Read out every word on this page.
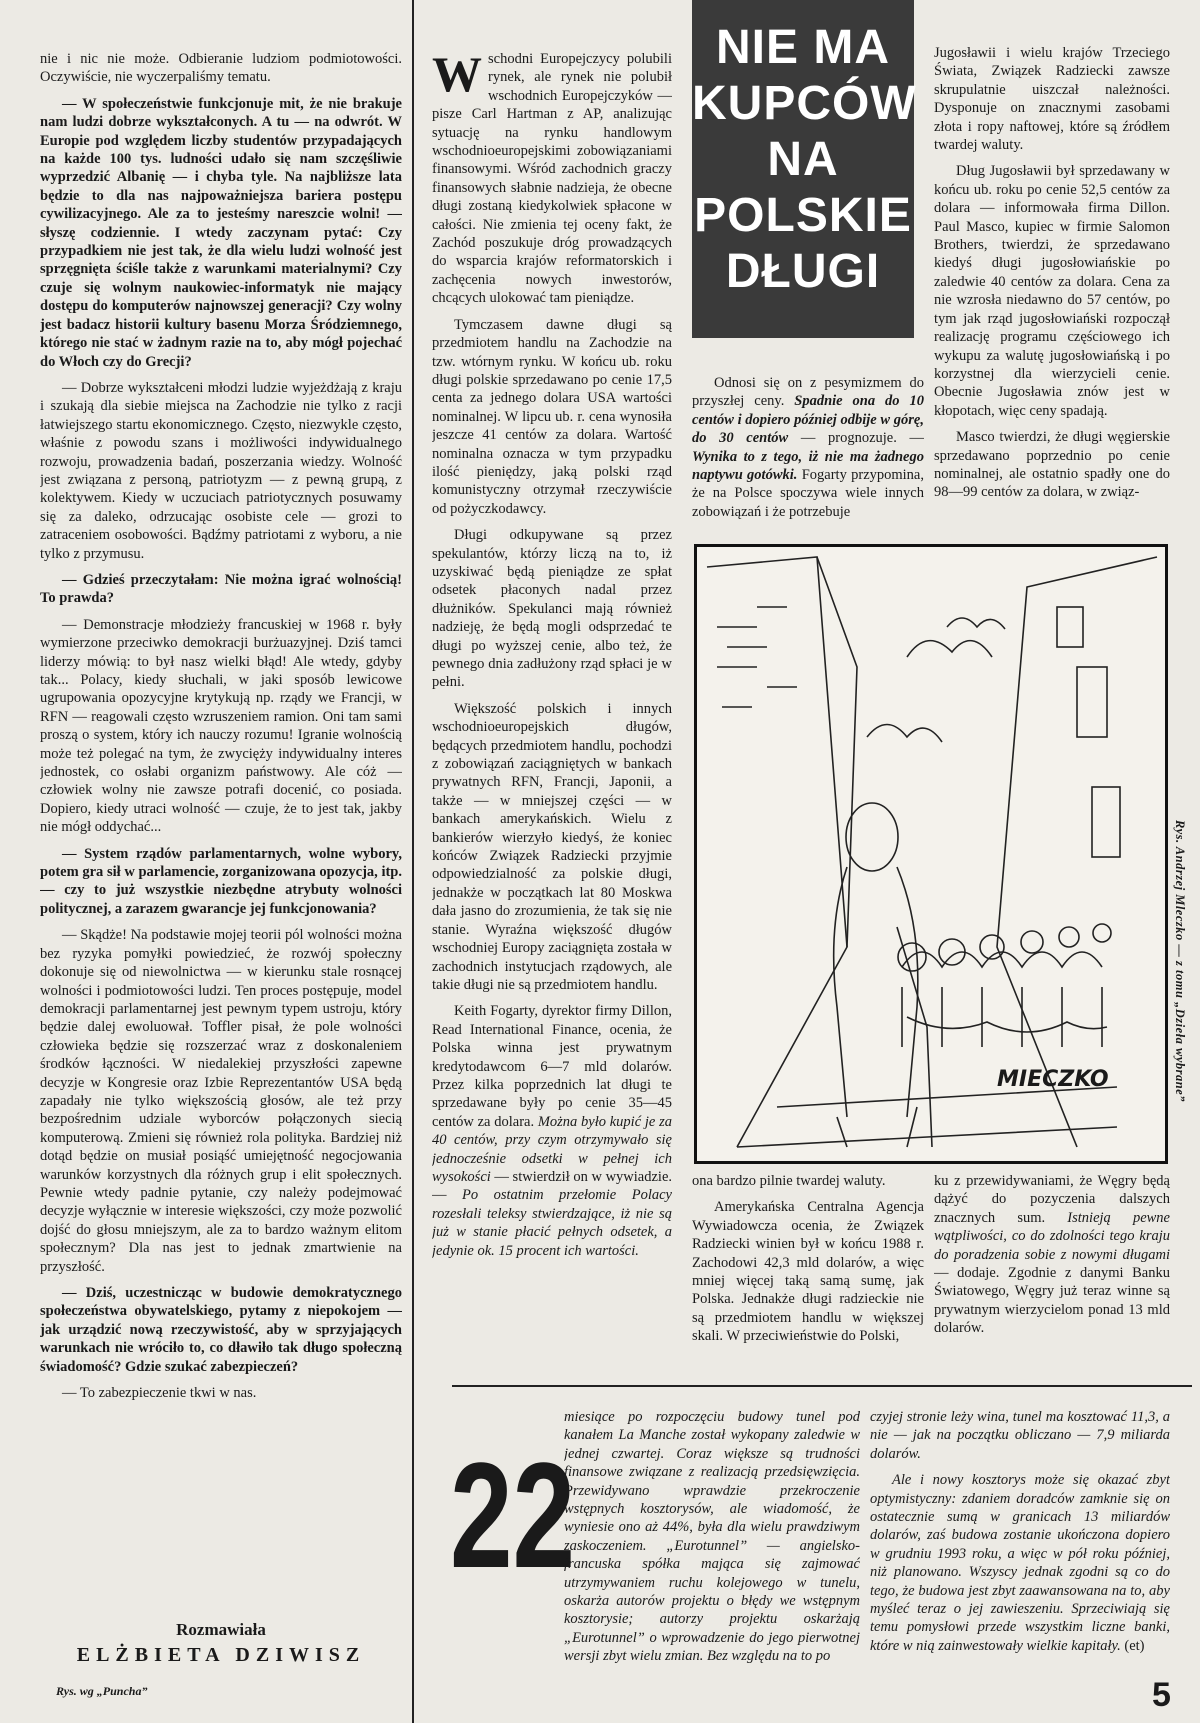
nie i nic nie może. Odbieranie ludziom podmiotowości. Oczywiście, nie wyczerpaliśmy tematu.

— W społeczeństwie funkcjonuje mit, że nie brakuje nam ludzi dobrze wykształconych. A tu — na odwrót. W Europie pod względem liczby studentów przypadających na każde 100 tys. ludności udało się nam szczęśliwie wyprzedzić Albanię — i chyba tyle. Na najbliższe lata będzie to dla nas najpoważniejsza bariera postępu cywilizacyjnego. Ale za to jesteśmy nareszcie wolni! — słyszę codziennie. I wtedy zaczynam pytać: Czy przypadkiem nie jest tak, że dla wielu ludzi wolność jest sprzęgnięta ściśle także z warunkami materialnymi? Czy czuje się wolnym naukowiec-informatyk nie mający dostępu do komputerów najnowszej generacji? Czy wolny jest badacz historii kultury basenu Morza Śródziemnego, którego nie stać w żadnym razie na to, aby mógł pojechać do Włoch czy do Grecji?

— Dobrze wykształceni młodzi ludzie wyjeżdżają z kraju i szukają dla siebie miejsca na Zachodzie nie tylko z racji łatwiejszego startu ekonomicznego. Często, niezwykle często, właśnie z powodu szans i możliwości indywidualnego rozwoju, prowadzenia badań, poszerzania wiedzy. Wolność jest związana z personą, patriotyzm — z pewną grupą, z kolektywem. Kiedy w uczuciach patriotycznych posuwamy się za daleko, odrzucając osobiste cele — grozi to zatraceniem osobowości. Bądźmy patriotami z wyboru, a nie tylko z przymusu.

— Gdzieś przeczytałam: Nie można igrać wolnością! To prawda?

— Demonstracje młodzieży francuskiej w 1968 r. były wymierzone przeciwko demokracji burżuazyjnej. Dziś tamci liderzy mówią: to był nasz wielki błąd! Ale wtedy, gdyby tak... Polacy, kiedy słuchali, w jaki sposób lewicowe ugrupowania opozycyjne krytykują np. rządy we Francji, w RFN — reagowali często wzruszeniem ramion. Oni tam sami proszą o system, który ich nauczy rozumu! Igranie wolnością może też polegać na tym, że zwycięży indywidualny interes jednostek, co osłabi organizm państwowy. Ale cóż — człowiek wolny nie zawsze potrafi docenić, co posiada. Dopiero, kiedy utraci wolność — czuje, że to jest tak, jakby nie mógł oddychać...

— System rządów parlamentarnych, wolne wybory, potem gra sił w parlamencie, zorganizowana opozycja, itp. — czy to już wszystkie niezbędne atrybuty wolności politycznej, a zarazem gwarancje jej funkcjonowania?

— Skądże! Na podstawie mojej teorii pól wolności można bez ryzyka pomyłki powiedzieć, że rozwój społeczny dokonuje się od niewolnictwa — w kierunku stale rosnącej wolności i podmiotowości ludzi. Ten proces postępuje, model demokracji parlamentarnej jest pewnym typem ustroju, który będzie dalej ewoluował. Toffler pisał, że pole wolności człowieka będzie się rozszerzać wraz z doskonaleniem środków łączności. W niedalekiej przyszłości zapewne decyzje w Kongresie oraz Izbie Reprezentantów USA będą zapadały nie tylko większością głosów, ale też przy bezpośrednim udziale wyborców połączonych siecią komputerową. Zmieni się również rola polityka. Bardziej niż dotąd będzie on musiał posiąść umiejętność negocjowania warunków korzystnych dla różnych grup i elit społecznych. Pewnie wtedy padnie pytanie, czy należy podejmować decyzje wyłącznie w interesie większości, czy może pozwolić dojść do głosu mniejszym, ale za to bardzo ważnym elitom społecznym? Dla nas jest to jednak zmartwienie na przyszłość.

— Dziś, uczestnicząc w budowie demokratycznego społeczeństwa obywatelskiego, pytamy z niepokojem — jak urządzić nową rzeczywistość, aby w sprzyjających warunkach nie wróciło to, co dławiło tak długo społeczną świadomość? Gdzie szukać zabezpieczeń?

— To zabezpieczenie tkwi w nas.

Rozmawiała
ELŻBIETA DZIWISZ
Rys. wg „Puncha”

Wschodni Europejczycy polubili rynek, ale rynek nie polubił wschodnich Europejczyków — pisze Carl Hartman z AP, analizując sytuację na rynku handlowym wschodnioeuropejskimi zobowiązaniami finansowymi. Wśród zachodnich graczy finansowych słabnie nadzieja, że obecne długi zostaną kiedykolwiek spłacone w całości. Nie zmienia tej oceny fakt, że Zachód poszukuje dróg prowadzących do wsparcia krajów reformatorskich i zachęcenia nowych inwestorów, chcących ulokować tam pieniądze.

Tymczasem dawne długi są przedmiotem handlu na Zachodzie na tzw. wtórnym rynku. W końcu ub. roku długi polskie sprzedawano po cenie 17,5 centa za jednego dolara USA wartości nominalnej. W lipcu ub. r. cena wynosiła jeszcze 41 centów za dolara. Wartość nominalna oznacza w tym przypadku ilość pieniędzy, jaką polski rząd komunistyczny otrzymał rzeczywiście od pożyczkodawcy.

Długi odkupywane są przez spekulantów, którzy liczą na to, iż uzyskiwać będą pieniądze ze spłat odsetek płaconych nadal przez dłużników. Spekulanci mają również nadzieję, że będą mogli odsprzedać te długi po wyższej cenie, albo też, że pewnego dnia zadłużony rząd spłaci je w pełni.

Większość polskich i innych wschodnioeuropejskich długów, będących przedmiotem handlu, pochodzi z zobowiązań zaciągniętych w bankach prywatnych RFN, Francji, Japonii, a także — w mniejszej części — w bankach amerykańskich. Wielu z bankierów wierzyło kiedyś, że koniec końców Związek Radziecki przyjmie odpowiedzialność za polskie długi, jednakże w początkach lat 80 Moskwa dała jasno do zrozumienia, że tak się nie stanie. Wyraźna większość długów wschodniej Europy zaciągnięta została w zachodnich instytucjach rządowych, ale takie długi nie są przedmiotem handlu.

Keith Fogarty, dyrektor firmy Dillon, Read International Finance, ocenia, że Polska winna jest prywatnym kredytodawcom 6—7 mld dolarów. Przez kilka poprzednich lat długi te sprzedawane były po cenie 35—45 centów za dolara. Można było kupić je za 40 centów, przy czym otrzymywało się jednocześnie odsetki w pełnej ich wysokości — stwierdził on w wywiadzie. — Po ostatnim przełomie Polacy rozesłali teleksy stwierdzające, iż nie są już w stanie płacić pełnych odsetek, a jedynie ok. 15 procent ich wartości.

NIE MA
KUPCÓW
NA
POLSKIE
DŁUGI

Odnosi się on z pesymizmem do przyszłej ceny. Spadnie ona do 10 centów i dopiero później odbije w górę, do 30 centów — prognozuje. — Wynika to z tego, iż nie ma żadnego naptywu gotówki. Fogarty przypomina, że na Polsce spoczywa wiele innych zobowiązań i że potrzebuje

Jugosławii i wielu krajów Trzeciego Świata, Związek Radziecki zawsze skrupulatnie uiszczał należności. Dysponuje on znacznymi zasobami złota i ropy naftowej, które są źródłem twardej waluty.

Dług Jugosławii był sprzedawany w końcu ub. roku po cenie 52,5 centów za dolara — informowała firma Dillon. Paul Masco, kupiec w firmie Salomon Brothers, twierdzi, że sprzedawano kiedyś długi jugosłowiańskie po zaledwie 40 centów za dolara. Cena za nie wzrosła niedawno do 57 centów, po tym jak rząd jugosłowiański rozpoczął realizację programu częściowego ich wykupu za walutę jugosłowiańską i po korzystnej dla wierzycieli cenie. Obecnie Jugosławia znów jest w kłopotach, więc ceny spadają.

Masco twierdzi, że długi węgierskie sprzedawano poprzednio po cenie nominalnej, ale ostatnio spadły one do 98—99 centów za dolara, w związ-

MIECZKO	Rys. Andrzej Mleczko — z tomu „Dzieła wybrane”

ona bardzo pilnie twardej waluty.

Amerykańska Centralna Agencja Wywiadowcza ocenia, że Związek Radziecki winien był w końcu 1988 r. Zachodowi 42,3 mld dolarów, a więc mniej więcej taką samą sumę, jak Polska. Jednakże długi radzieckie nie są przedmiotem handlu w większej skali. W przeciwieństwie do Polski,

ku z przewidywaniami, że Węgry będą dążyć do pozyczenia dalszych znacznych sum. Istnieją pewne wątpliwości, co do zdolności tego kraju do poradzenia sobie z nowymi długami — dodaje. Zgodnie z danymi Banku Światowego, Węgry już teraz winne są prywatnym wierzycielom ponad 13 mld dolarów.

22

miesiące po rozpoczęciu budowy tunel pod kanałem La Manche został wykopany zaledwie w jednej czwartej. Coraz większe są trudności finansowe związane z realizacją przedsięwzięcia. Przewidywano wprawdzie przekroczenie wstępnych kosztorysów, ale wiadomość, że wyniesie ono aż 44%, była dla wielu prawdziwym zaskoczeniem. „Eurotunnel” — angielsko-francuska spółka mająca się zajmować utrzymywaniem ruchu kolejowego w tunelu, oskarża autorów projektu o błędy we wstępnym kosztorysie; autorzy projektu oskarżają „Eurotunnel” o wprowadzenie do jego pierwotnej wersji zbyt wielu zmian. Bez względu na to po

czyjej stronie leży wina, tunel ma kosztować 11,3, a nie — jak na początku obliczano — 7,9 miliarda dolarów.

Ale i nowy kosztorys może się okazać zbyt optymistyczny: zdaniem doradców zamknie się on ostatecznie sumą w granicach 13 miliardów dolarów, zaś budowa zostanie ukończona dopiero w grudniu 1993 roku, a więc w pół roku później, niż planowano. Wszyscy jednak zgodni są co do tego, że budowa jest zbyt zaawansowana na to, aby myśleć teraz o jej zawieszeniu. Sprzeciwiają się temu pomysłowi przede wszystkim liczne banki, które w nią zainwestowały wielkie kapitały. (et)

5
